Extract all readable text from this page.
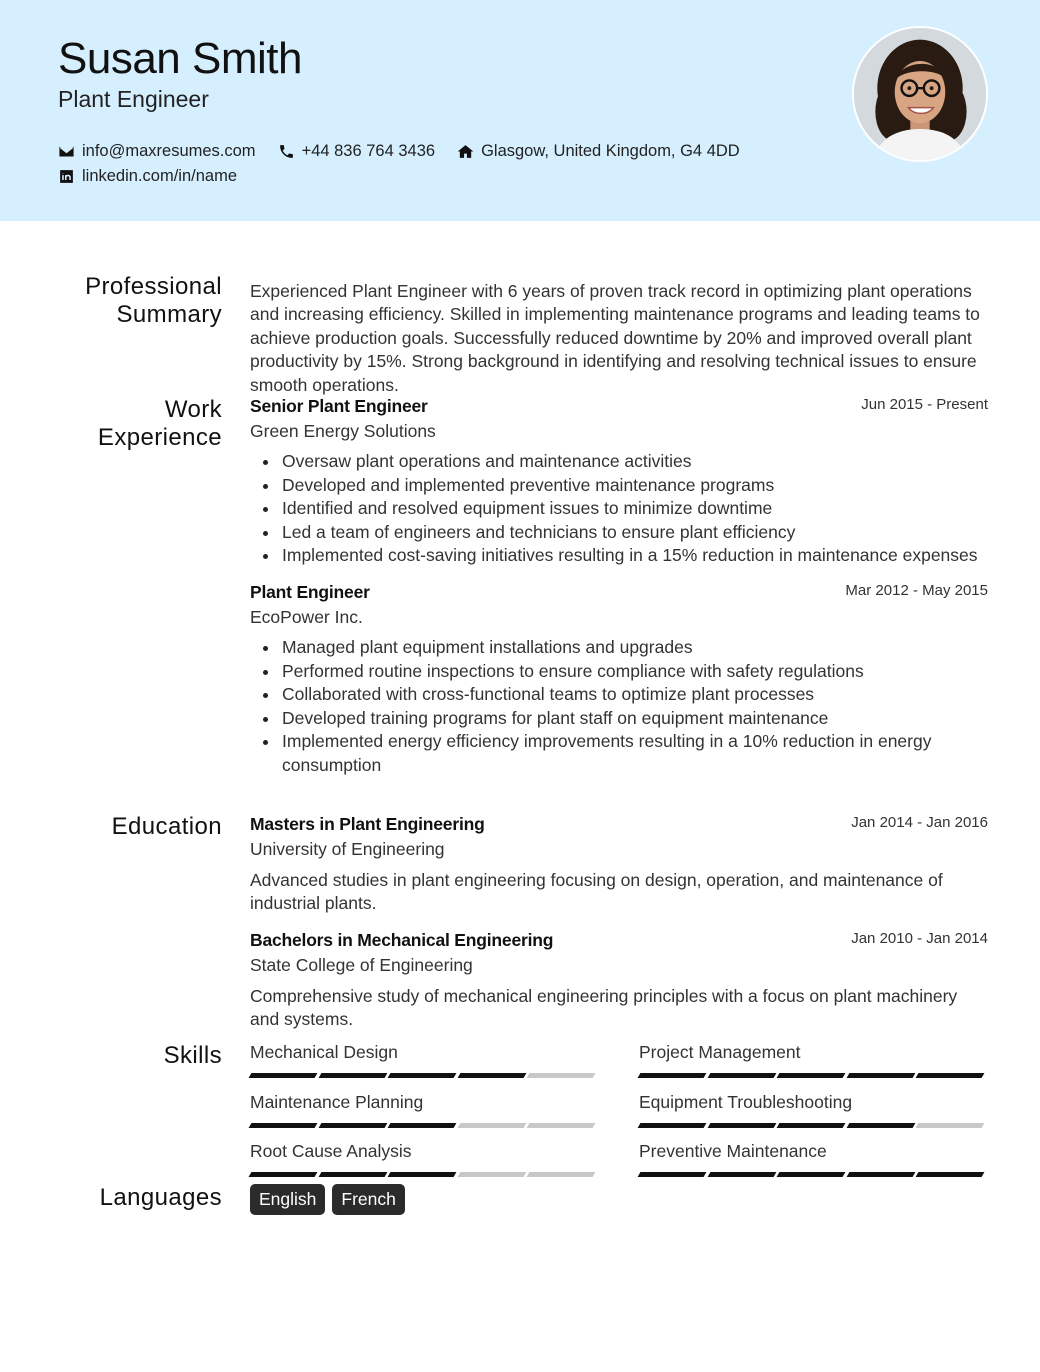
Susan Smith
Plant Engineer
info@maxresumes.com	+44 836 764 3436	Glasgow, United Kingdom, G4 4DD
linkedin.com/in/name
Professional
Summary

Experienced Plant Engineer with 6 years of proven track record in optimizing plant operations and increasing efficiency. Skilled in implementing maintenance programs and leading teams to achieve production goals. Successfully reduced downtime by 20% and improved overall plant productivity by 15%. Strong background in identifying and resolving technical issues to ensure smooth operations.

Work
Experience
Senior Plant Engineer	Jun 2015 - Present
Green Energy Solutions
Oversaw plant operations and maintenance activities
Developed and implemented preventive maintenance programs
Identified and resolved equipment issues to minimize downtime
Led a team of engineers and technicians to ensure plant efficiency
Implemented cost-saving initiatives resulting in a 15% reduction in maintenance expenses
Plant Engineer	Mar 2012 - May 2015
EcoPower Inc.
Managed plant equipment installations and upgrades
Performed routine inspections to ensure compliance with safety regulations
Collaborated with cross-functional teams to optimize plant processes
Developed training programs for plant staff on equipment maintenance
Implemented energy efficiency improvements resulting in a 10% reduction in energy consumption
Education Masters in Plant Engineering	Jan 2014 - Jan 2016
University of Engineering

Advanced studies in plant engineering focusing on design, operation, and maintenance of industrial plants.

Bachelors in Mechanical Engineering	Jan 2010 - Jan 2014
State College of Engineering

Comprehensive study of mechanical engineering principles with a focus on plant machinery and systems.

Skills Mechanical Design	Project Management
Maintenance Planning	Equipment Troubleshooting
Root Cause Analysis	Preventive Maintenance
Languages	English	French
